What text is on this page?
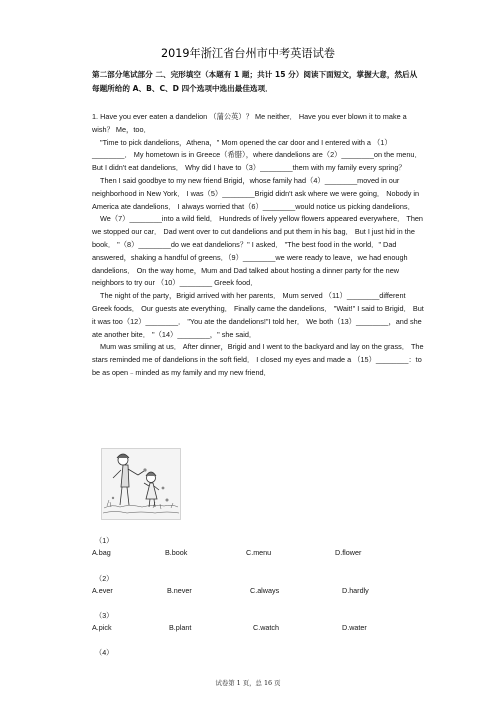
2019年浙江省台州市中考英语试卷
第二部分笔试部分 二、完形填空（本题有 1 题；共计 15 分）阅读下面短文，掌握大意，然后从每题所给的 A、B、C、D 四个选项中选出最佳选项．

1. Have you ever eaten a dandelion （蒲公英）？ Me neither． Have you ever blown it to make a wish？ Me，too．

"Time to pick dandelions，Athena，" Mom opened the car door and I entered with a （1）________． My hometown is in Greece（希腊），where dandelions are（2）________on the menu． But I didn't eat dandelions． Why did I have to（3）________them with my family every spring？

Then I said goodbye to my new friend Brigid，whose family had（4）________moved in our neighborhood in New York． I was（5）________Brigid didn't ask where we were going． Nobody in America ate dandelions． I always worried that（6）________would notice us picking dandelions．

We（7）________into a wild field． Hundreds of lively yellow flowers appeared everywhere． Then we stopped our car． Dad went over to cut dandelions and put them in his bag． But I just hid in the book． "（8）________do we eat dandelions？" I asked． "The best food in the world．" Dad answered，shaking a handful of greens．（9）________we were ready to leave，we had enough dandelions． On the way home，Mum and Dad talked about hosting a dinner party for the new neighbors to try our （10）________ Greek food．

The night of the party，Brigid arrived with her parents． Mum served （11）________different Greek foods． Our guests ate everything． Finally came the dandelions． "Wait!" I said to Brigid． But it was too（12）________． "You ate the dandelions!"I told her． We both（13）________，and she ate another bite． "（14）________，" she said．

Mum was smiling at us． After dinner，Brigid and I went to the backyard and lay on the grass． The stars reminded me of dandelions in the soft field． I closed my eyes and made a （15）________：to be as open﹣minded as my family and my new friend．

（1）
A.bag	B.book	C.menu	D.flower
（2）
A.ever	B.never	C.always	D.hardly
（3）
A.pick	B.plant	C.watch	D.water
（4）
试卷第 1 页，总 16 页
